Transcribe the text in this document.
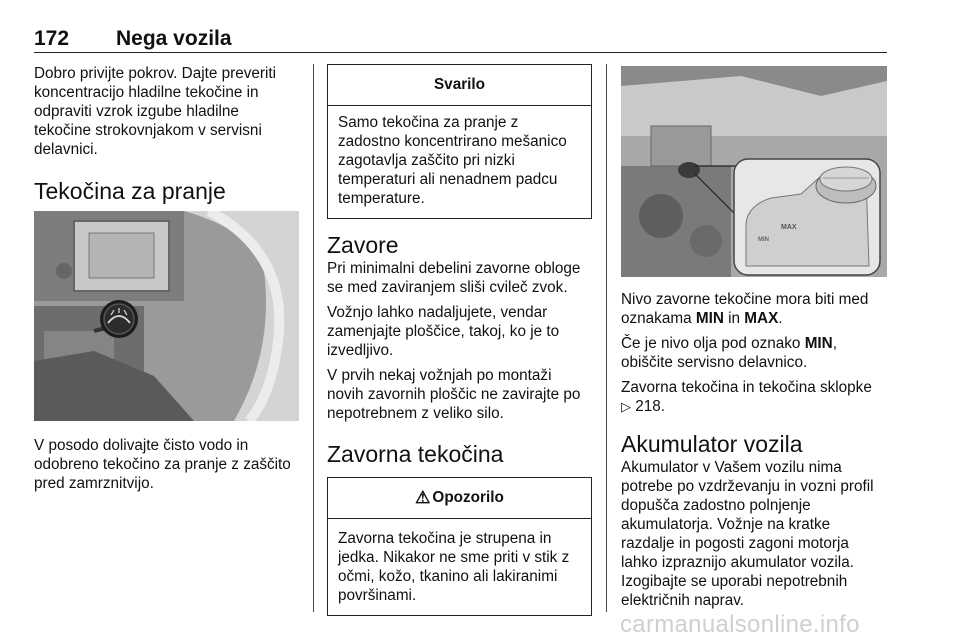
172 Nega vozila

Dobro privijte pokrov. Dajte preveriti koncentracijo hladilne tekočine in odpraviti vzrok izgube hladilne tekočine strokovnjakom v servisni delavnici.

Tekočina za pranje

V posodo dolivajte čisto vodo in odobreno tekočino za pranje z zaščito pred zamrznitvijo.

Svarilo

Samo tekočina za pranje z zadostno koncentrirano mešanico zagotavlja zaščito pri nizki temperaturi ali nenadnem padcu temperature.

Zavore

Pri minimalni debelini zavorne obloge se med zaviranjem sliši cvileč zvok.

Vožnjo lahko nadaljujete, vendar zamenjajte ploščice, takoj, ko je to izvedljivo.

V prvih nekaj vožnjah po montaži novih zavornih ploščic ne zavirajte po nepotrebnem z veliko silo.

Zavorna tekočina
⚠ Opozorilo

Zavorna tekočina je strupena in jedka. Nikakor ne sme priti v stik z očmi, kožo, tkanino ali lakiranimi površinami.

MAX
MIN

Nivo zavorne tekočine mora biti med oznakama MIN in MAX.

Če je nivo olja pod oznako MIN,
obiščite servisno delavnico.

Zavorna tekočina in tekočina sklopke
▷ 218.

Akumulator vozila

Akumulator v Vašem vozilu nima potrebe po vzdrževanju in vozni profil dopušča zadostno polnjenje akumulatorja. Vožnje na kratke razdalje in pogosti zagoni motorja lahko izpraznijo akumulator vozila. Izogibajte se uporabi nepotrebnih električnih naprav.

carmanualsonline.info
